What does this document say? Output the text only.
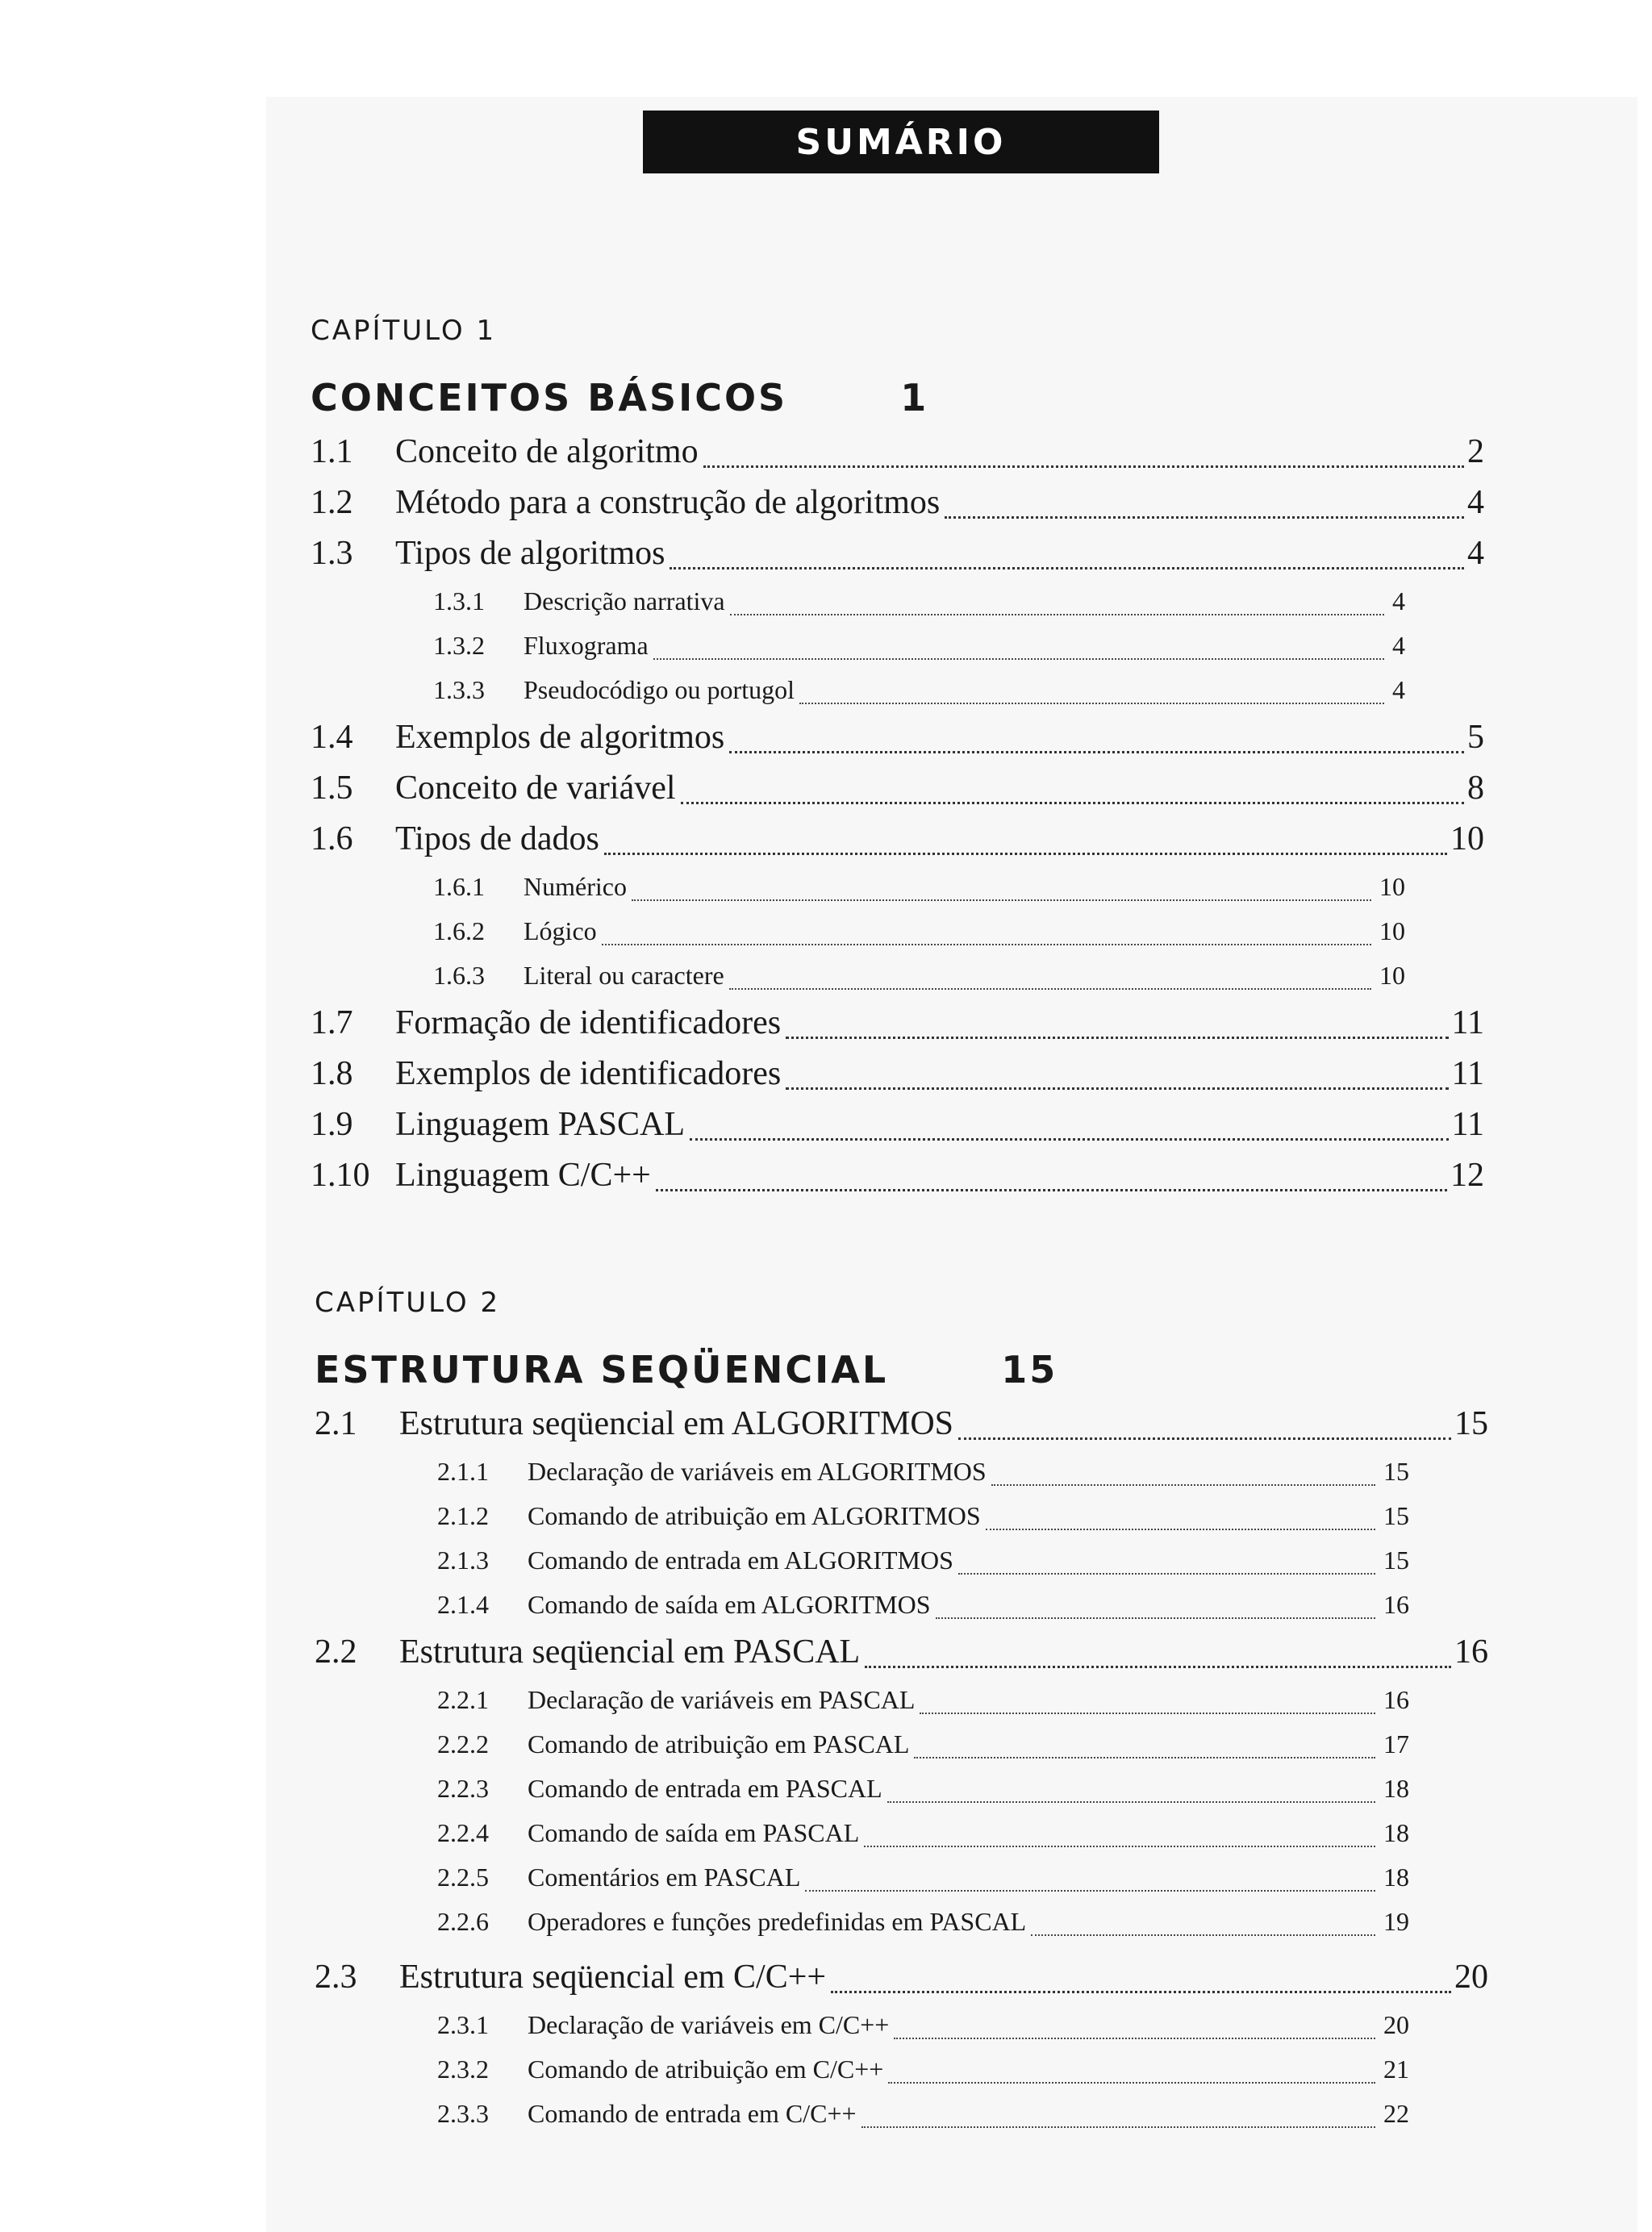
SUMÁRIO
CAPÍTULO 1
CONCEITOS BÁSICOS	1
1.1	Conceito de algoritmo	2
1.2	Método para a construção de algoritmos	4
1.3	Tipos de algoritmos	4
1.3.1	Descrição narrativa	4
1.3.2	Fluxograma	4
1.3.3	Pseudocódigo ou portugol	4
1.4	Exemplos de algoritmos	5
1.5	Conceito de variável	8
1.6	Tipos de dados	10
1.6.1	Numérico	10
1.6.2	Lógico	10
1.6.3	Literal ou caractere	10
1.7	Formação de identificadores	11
1.8	Exemplos de identificadores	11
1.9	Linguagem PASCAL	11
1.10 Linguagem C/C++	12
CAPÍTULO 2
ESTRUTURA SEQÜENCIAL	15
2.1	Estrutura seqüencial em ALGORITMOS	15
2.1.1	Declaração de variáveis em ALGORITMOS	15
2.1.2	Comando de atribuição em ALGORITMOS	15
2.1.3	Comando de entrada em ALGORITMOS	15
2.1.4	Comando de saída em ALGORITMOS	16
2.2	Estrutura seqüencial em PASCAL	16
2.2.1	Declaração de variáveis em PASCAL	16
2.2.2	Comando de atribuição em PASCAL	17
2.2.3	Comando de entrada em PASCAL	18
2.2.4	Comando de saída em PASCAL	18
2.2.5	Comentários em PASCAL	18
2.2.6	Operadores e funções predefinidas em PASCAL	19
2.3	Estrutura seqüencial em C/C++	20
2.3.1	Declaração de variáveis em C/C++	20
2.3.2	Comando de atribuição em C/C++	21
2.3.3	Comando de entrada em C/C++	22
